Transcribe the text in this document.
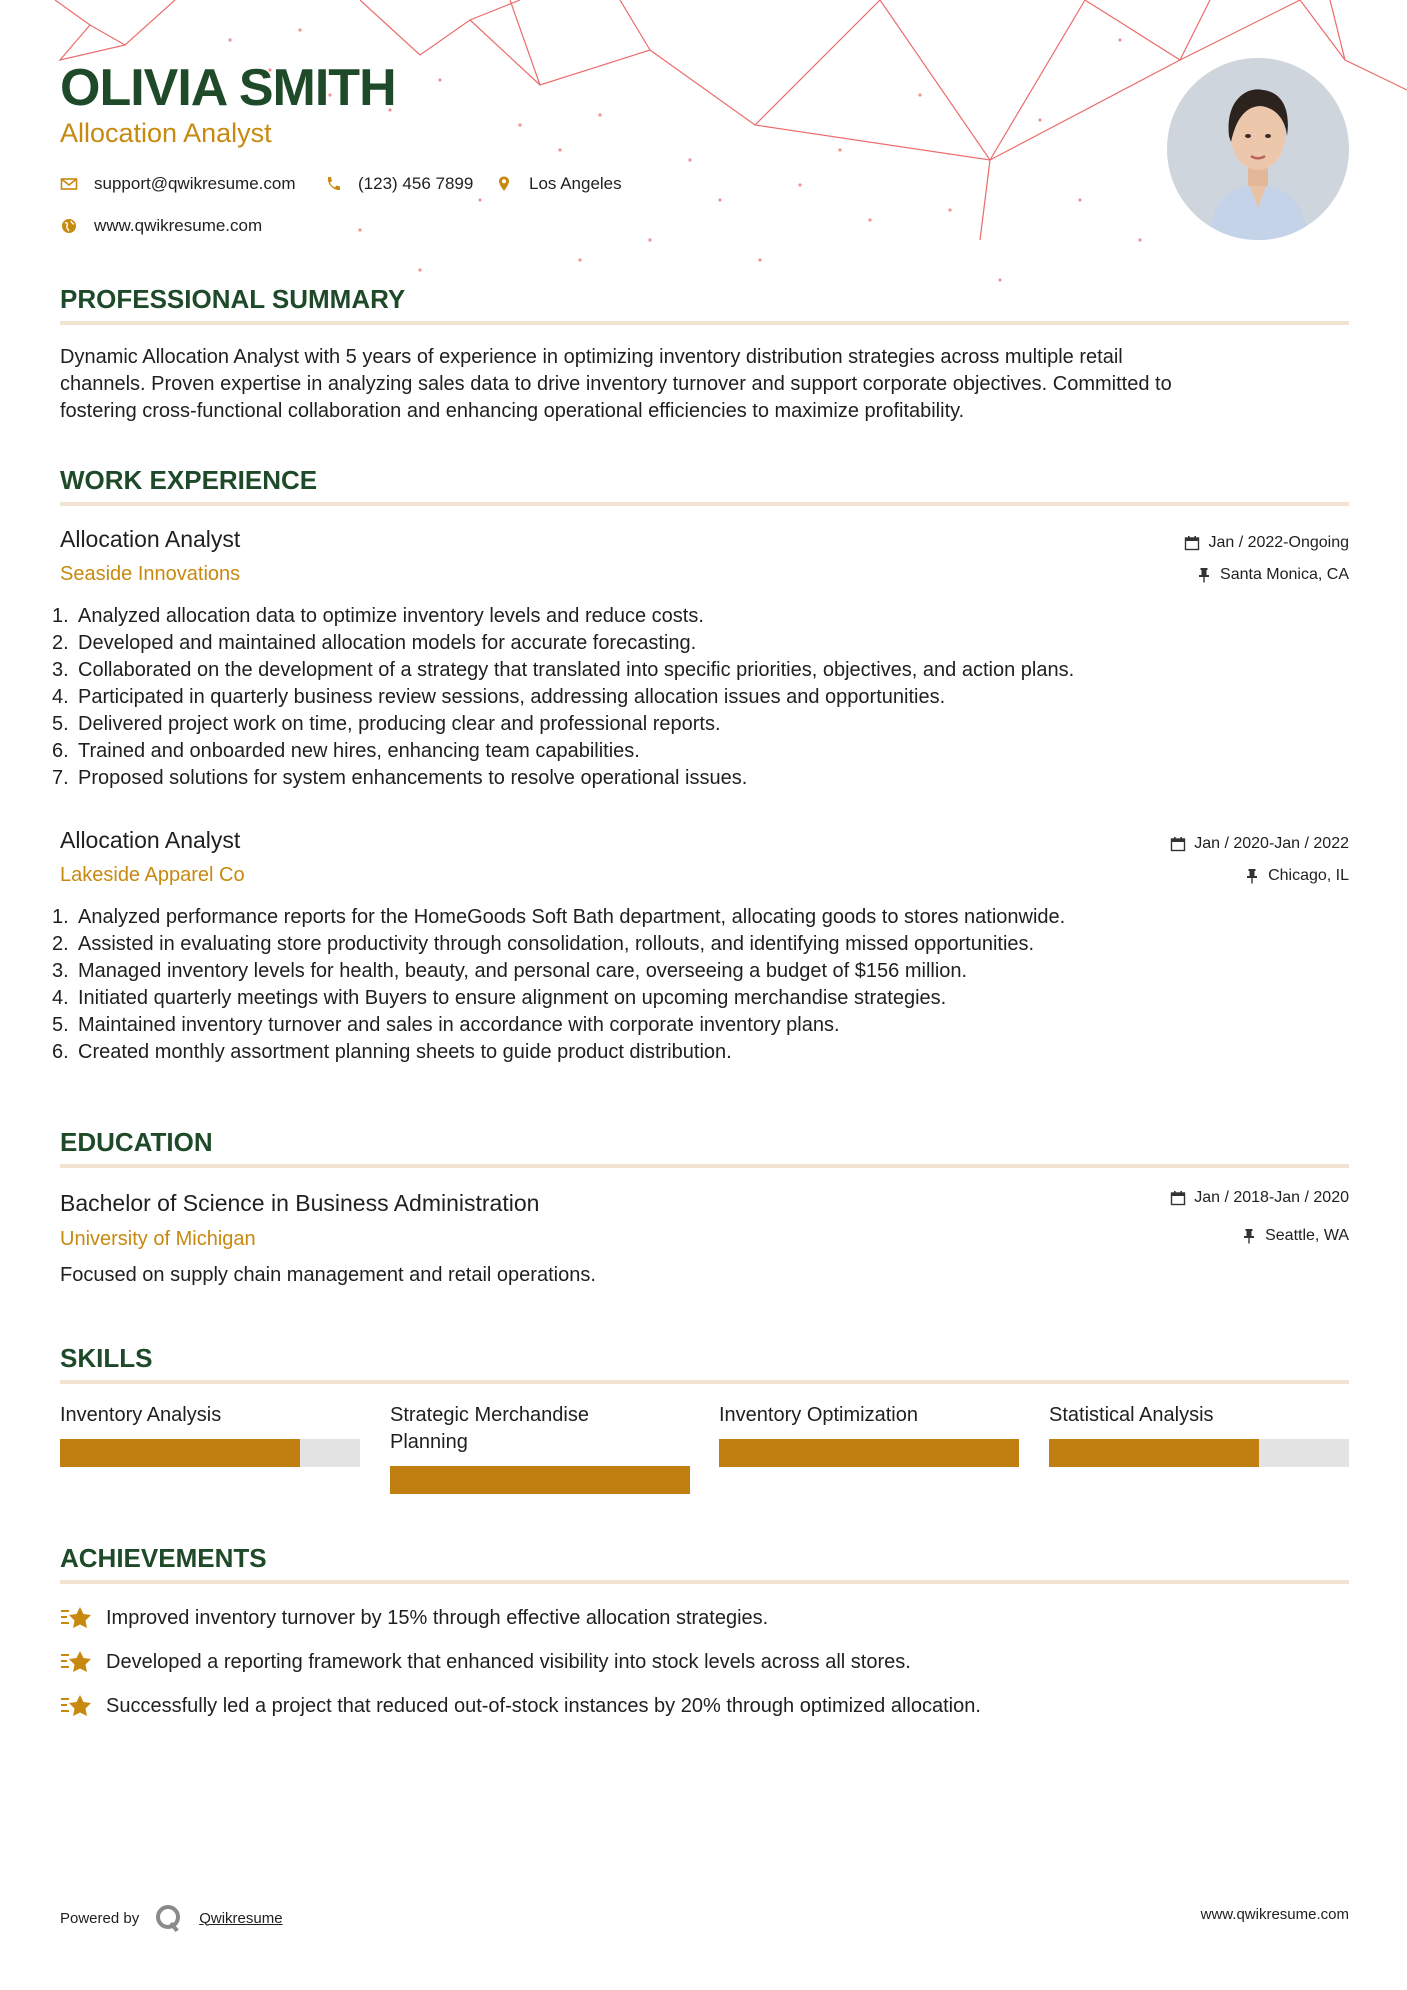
OLIVIA SMITH
Allocation Analyst
support@qwikresume.com	(123) 456 7899	Los Angeles
www.qwikresume.com
PROFESSIONAL SUMMARY
Dynamic Allocation Analyst with 5 years of experience in optimizing inventory distribution strategies across multiple retail
channels. Proven expertise in analyzing sales data to drive inventory turnover and support corporate objectives. Committed to
fostering cross-functional collaboration and enhancing operational efficiencies to maximize profitability.
WORK EXPERIENCE
Allocation Analyst
Seaside Innovations
Jan / 2022-Ongoing
Santa Monica, CA
1. Analyzed allocation data to optimize inventory levels and reduce costs.
2. Developed and maintained allocation models for accurate forecasting.
3. Collaborated on the development of a strategy that translated into specific priorities, objectives, and action plans.
4. Participated in quarterly business review sessions, addressing allocation issues and opportunities.
5. Delivered project work on time, producing clear and professional reports.
6. Trained and onboarded new hires, enhancing team capabilities.
7. Proposed solutions for system enhancements to resolve operational issues.
Allocation Analyst
Lakeside Apparel Co
Jan / 2020-Jan / 2022
Chicago, IL
1. Analyzed performance reports for the HomeGoods Soft Bath department, allocating goods to stores nationwide.
2. Assisted in evaluating store productivity through consolidation, rollouts, and identifying missed opportunities.
3. Managed inventory levels for health, beauty, and personal care, overseeing a budget of $156 million.
4. Initiated quarterly meetings with Buyers to ensure alignment on upcoming merchandise strategies.
5. Maintained inventory turnover and sales in accordance with corporate inventory plans.
6. Created monthly assortment planning sheets to guide product distribution.
EDUCATION
Bachelor of Science in Business Administration
University of Michigan
Jan / 2018-Jan / 2020
Seattle, WA
Focused on supply chain management and retail operations.
SKILLS
Inventory Analysis	Strategic Merchandise Planning
Inventory Optimization	Statistical Analysis
ACHIEVEMENTS
Improved inventory turnover by 15% through effective allocation strategies.
Developed a reporting framework that enhanced visibility into stock levels across all stores.
Successfully led a project that reduced out-of-stock instances by 20% through optimized allocation.
Powered by	Qwikresume	www.qwikresume.com
